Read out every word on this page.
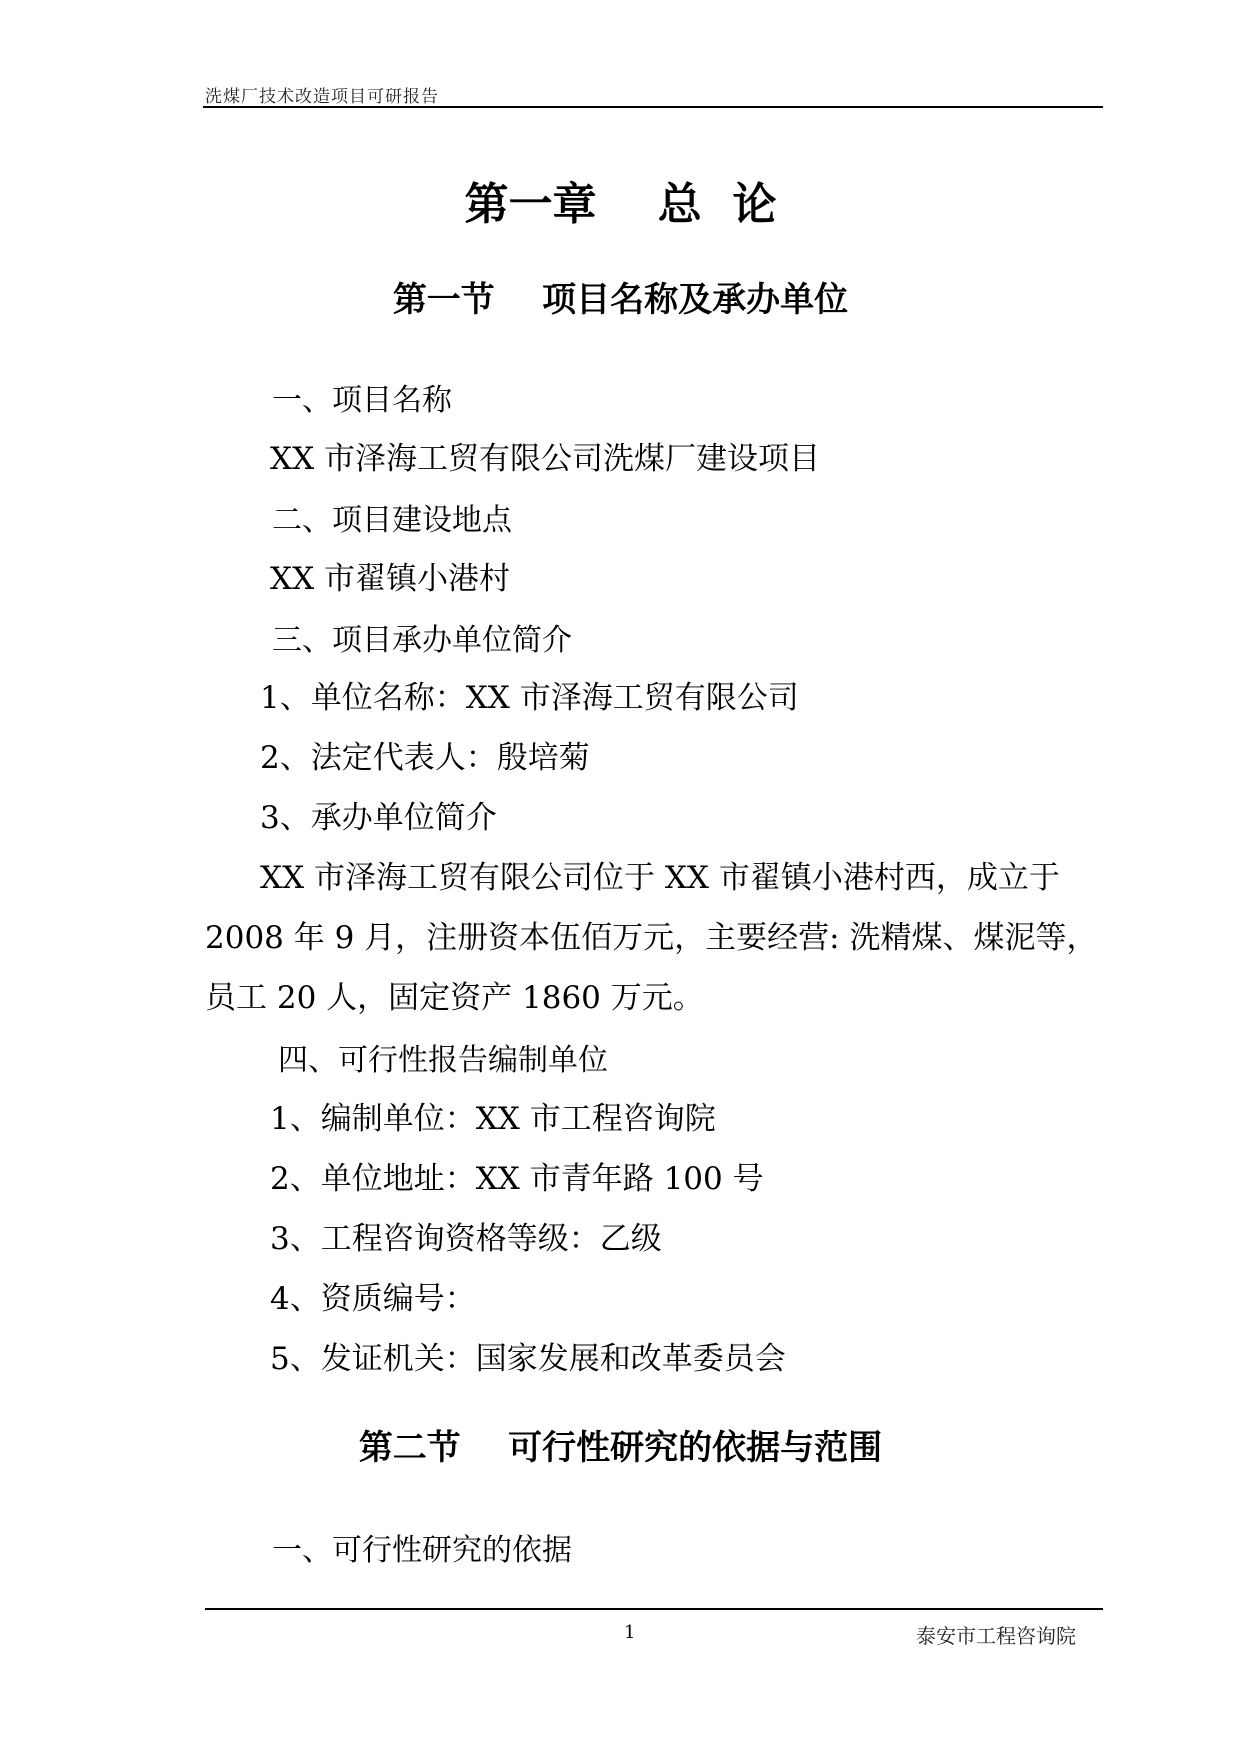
洗煤厂技术改造项目可研报告
第一章    总  论
第一节    项目名称及承办单位
一、项目名称
XX 市泽海工贸有限公司洗煤厂建设项目
二、项目建设地点
XX 市翟镇小港村
三、项目承办单位简介
1、单位名称：XX 市泽海工贸有限公司
2、法定代表人：殷培菊
3、承办单位简介
XX 市泽海工贸有限公司位于 XX 市翟镇小港村西，成立于
2008 年 9 月，注册资本伍佰万元，主要经营: 洗精煤、煤泥等，
员工 20 人，固定资产 1860 万元。
四、可行性报告编制单位
1、编制单位：XX 市工程咨询院
2、单位地址：XX 市青年路 100 号
3、工程咨询资格等级：乙级
4、资质编号：
5、发证机关：国家发展和改革委员会
第二节    可行性研究的依据与范围
一、可行性研究的依据
1	泰安市工程咨询院
